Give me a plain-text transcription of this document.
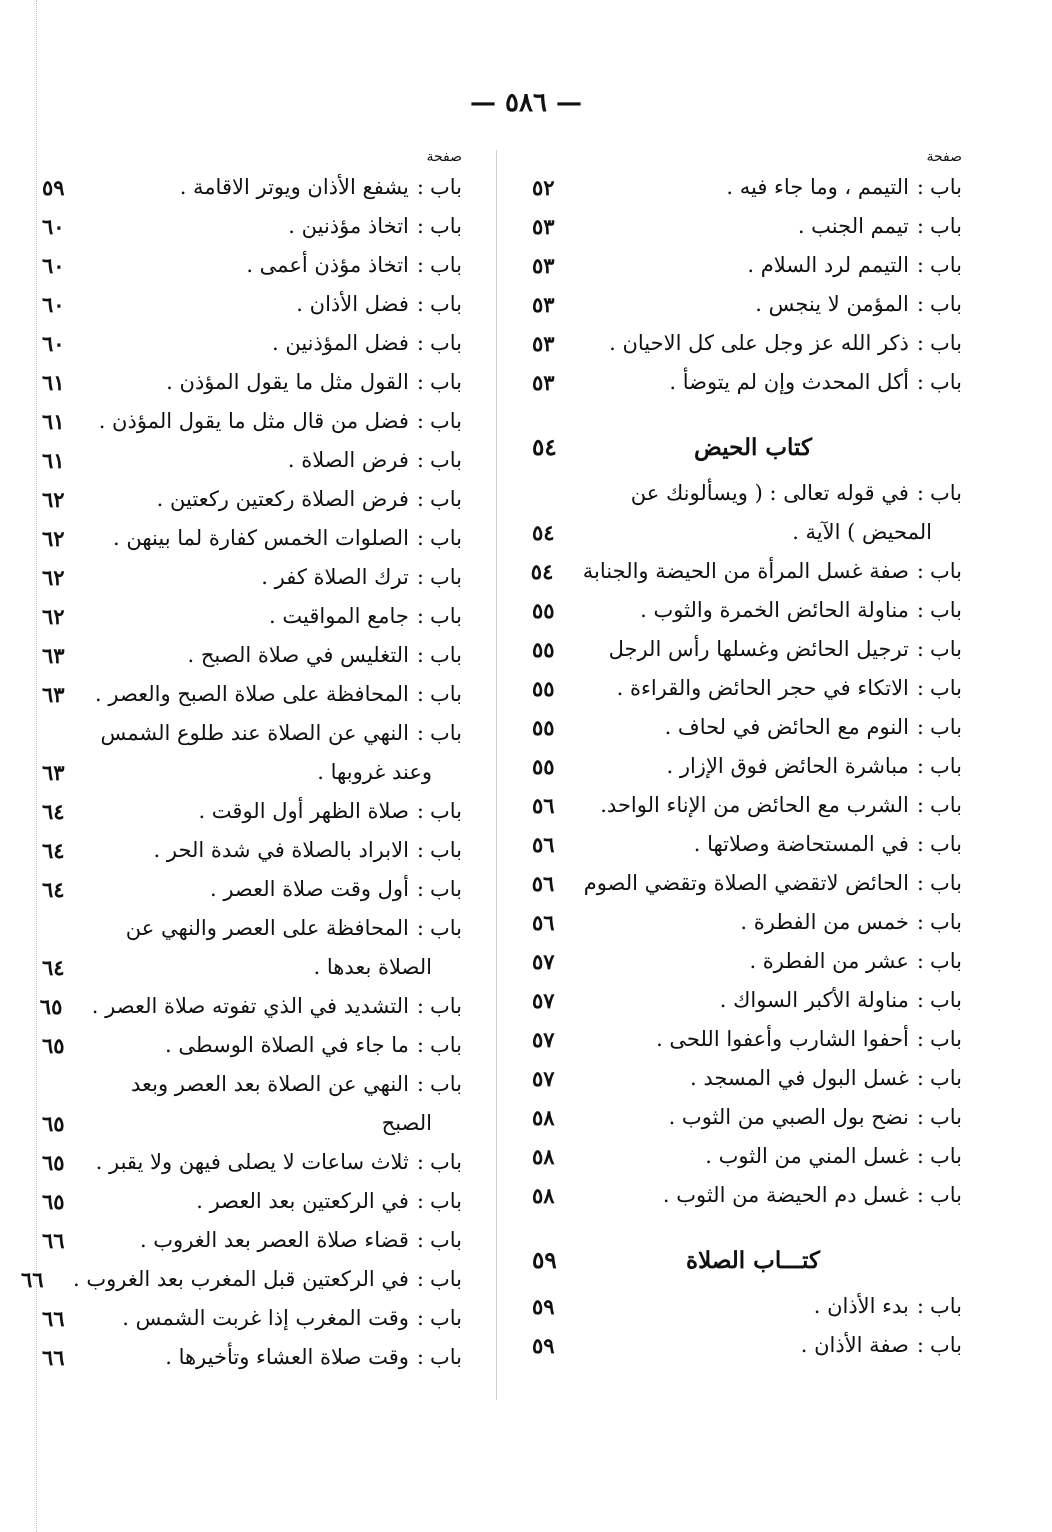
— ٥٨٦ —
صفحة
باب
:
التيمم ، وما جاء فيه .
٥٢
باب
:
تيمم الجنب .
٥٣
باب
:
التيمم لرد السلام .
٥٣
باب
:
المؤمن لا ينجس .
٥٣
باب
:
ذكر الله عز وجل على كل الاحيان .
٥٣
باب
:
أكل المحدث وإن لم يتوضأ .
٥٣
كتاب الحيض
٥٤
باب
:
في قوله تعالى : ( ويسألونك عن
المحيض ) الآية .
٥٤
باب
:
صفة غسل المرأة من الحيضة والجنابة
٥٤
باب
:
مناولة الحائض الخمرة والثوب .
٥٥
باب
:
ترجيل الحائض وغسلها رأس الرجل
٥٥
باب
:
الاتكاء في حجر الحائض والقراءة .
٥٥
باب
:
النوم مع الحائض في لحاف .
٥٥
باب
:
مباشرة الحائض فوق الإزار .
٥٥
باب
:
الشرب مع الحائض من الإناء الواحد.
٥٦
باب
:
في المستحاضة وصلاتها .
٥٦
باب
:
الحائض لاتقضي الصلاة وتقضي الصوم
٥٦
باب
:
خمس من الفطرة .
٥٦
باب
:
عشر من الفطرة .
٥٧
باب
:
مناولة الأكبر السواك .
٥٧
باب
:
أحفوا الشارب وأعفوا اللحى .
٥٧
باب
:
غسل البول في المسجد .
٥٧
باب
:
نضح بول الصبي من الثوب .
٥٨
باب
:
غسل المني من الثوب .
٥٨
باب
:
غسل دم الحيضة من الثوب .
٥٨
كتـــاب الصلاة
٥٩
باب
:
بدء الأذان .
٥٩
باب
:
صفة الأذان .
٥٩
صفحة
باب
:
يشفع الأذان ويوتر الاقامة .
٥٩
باب
:
اتخاذ مؤذنين .
٦٠
باب
:
اتخاذ مؤذن أعمى .
٦٠
باب
:
فضل الأذان .
٦٠
باب
:
فضل المؤذنين .
٦٠
باب
:
القول مثل ما يقول المؤذن .
٦١
باب
:
فضل من قال مثل ما يقول المؤذن .
٦١
باب
:
فرض الصلاة .
٦١
باب
:
فرض الصلاة ركعتين ركعتين .
٦٢
باب
:
الصلوات الخمس كفارة لما بينهن .
٦٢
باب
:
ترك الصلاة كفر .
٦٢
باب
:
جامع المواقيت .
٦٢
باب
:
التغليس في صلاة الصبح .
٦٣
باب
:
المحافظة على صلاة الصبح والعصر .
٦٣
باب
:
النهي عن الصلاة عند طلوع الشمس
وعند غروبها .
٦٣
باب
:
صلاة الظهر أول الوقت .
٦٤
باب
:
الابراد بالصلاة في شدة الحر .
٦٤
باب
:
أول وقت صلاة العصر .
٦٤
باب
:
المحافظة على العصر والنهي عن
الصلاة بعدها .
٦٤
باب
:
التشديد في الذي تفوته صلاة العصر .
٦٥
باب
:
ما جاء في الصلاة الوسطى .
٦٥
باب
:
النهي عن الصلاة بعد العصر وبعد
الصبح
٦٥
باب
:
ثلاث ساعات لا يصلى فيهن ولا يقبر .
٦٥
باب
:
في الركعتين بعد العصر .
٦٥
باب
:
قضاء صلاة العصر بعد الغروب .
٦٦
باب
:
في الركعتين قبل المغرب بعد الغروب .
٦٦
باب
:
وقت المغرب إذا غربت الشمس .
٦٦
باب
:
وقت صلاة العشاء وتأخيرها .
٦٦
